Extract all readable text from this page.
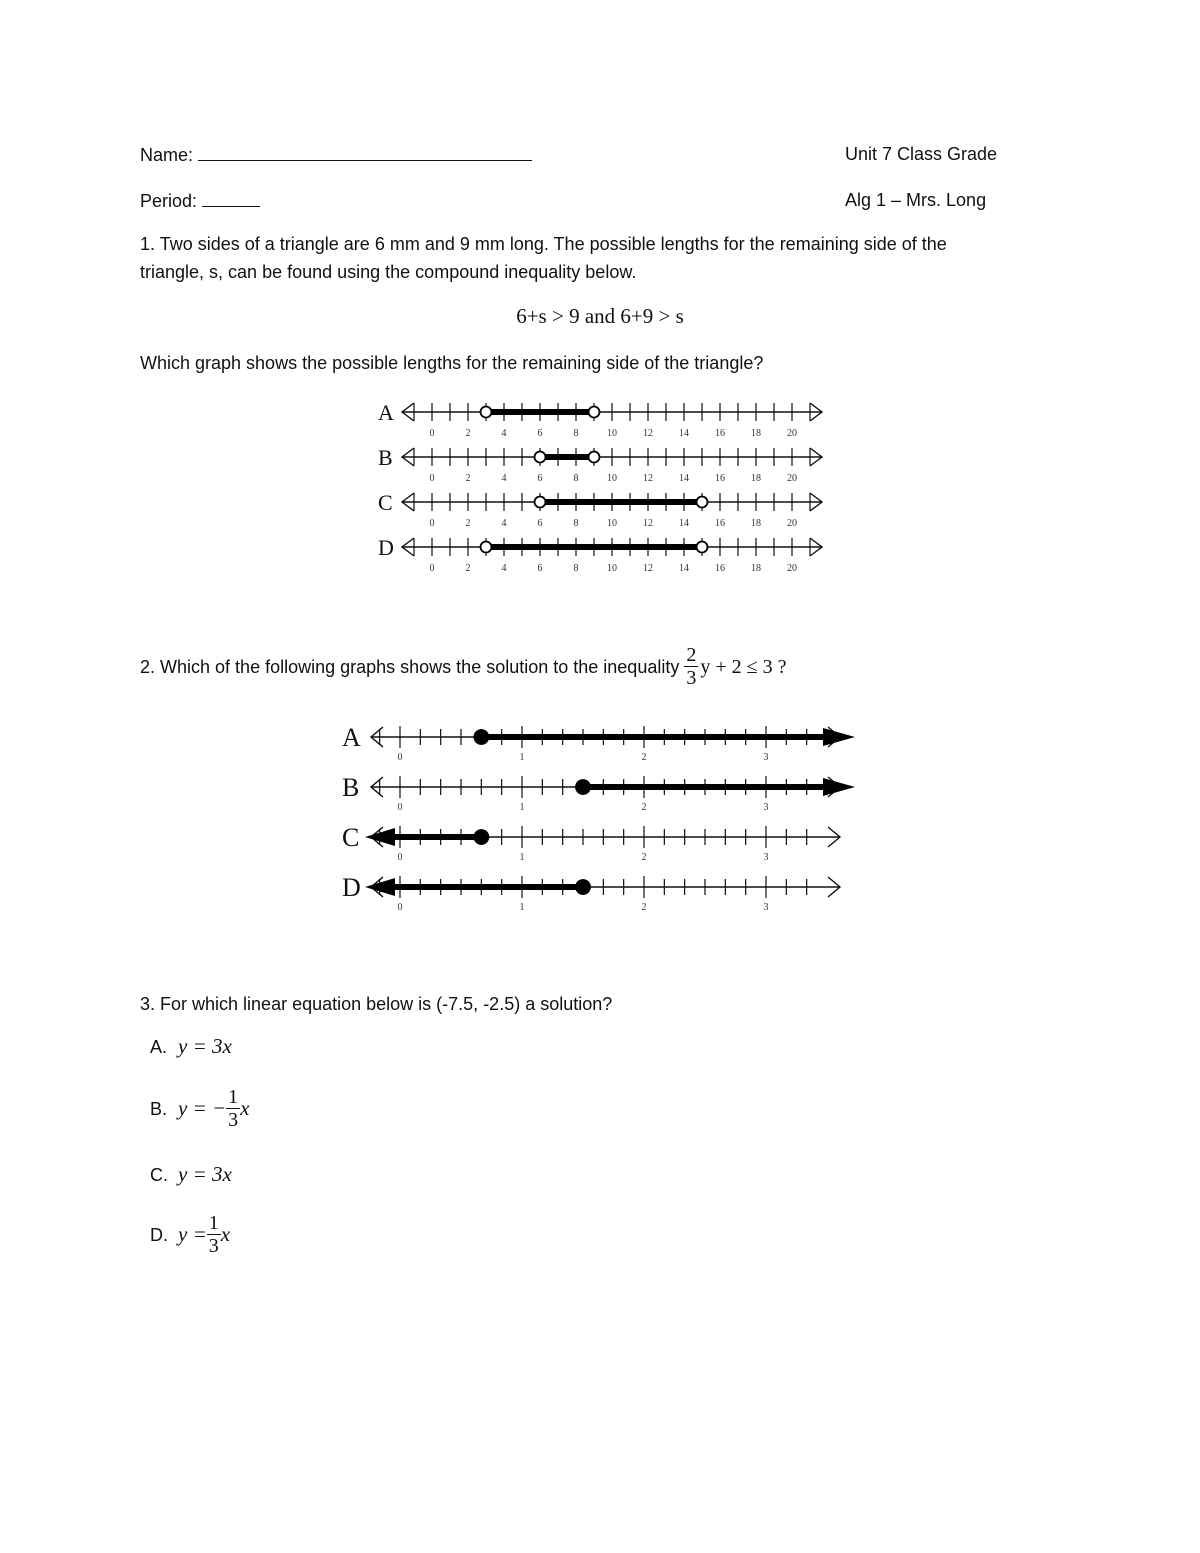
Name:	Unit 7 Class Grade
Period:	Alg 1 – Mrs. Long
1. Two sides of a triangle are 6 mm and 9 mm long. The possible lengths for the remaining side of the
triangle, s, can be found using the compound inequality below.
6+s > 9 and 6+9 > s
Which graph shows the possible lengths for the remaining side of the triangle?
A
0	2	4	6	8	10	12	14	16	18	20
B
0	2	4	6	8	10	12	14	16	18	20
C
0	2	4	6	8	10	12	14	16	18	20
D
0	2	4	6	8	10	12	14	16	18	20
2.
Which of the following graphs shows the solution to the inequality
$\frac{2}{3}$ y + 2 ≤ 3 ?
A
0	1	2	3
B
0	1	2	3
C
0	1	2	3
D
0	1	2	3
3. For which linear equation below is (-7.5, -2.5) a solution?
A. y = 3x
B. y = − $\frac{1}{3}$ x
C. y = 3x
D. $y = \frac{1}{3}$ x
